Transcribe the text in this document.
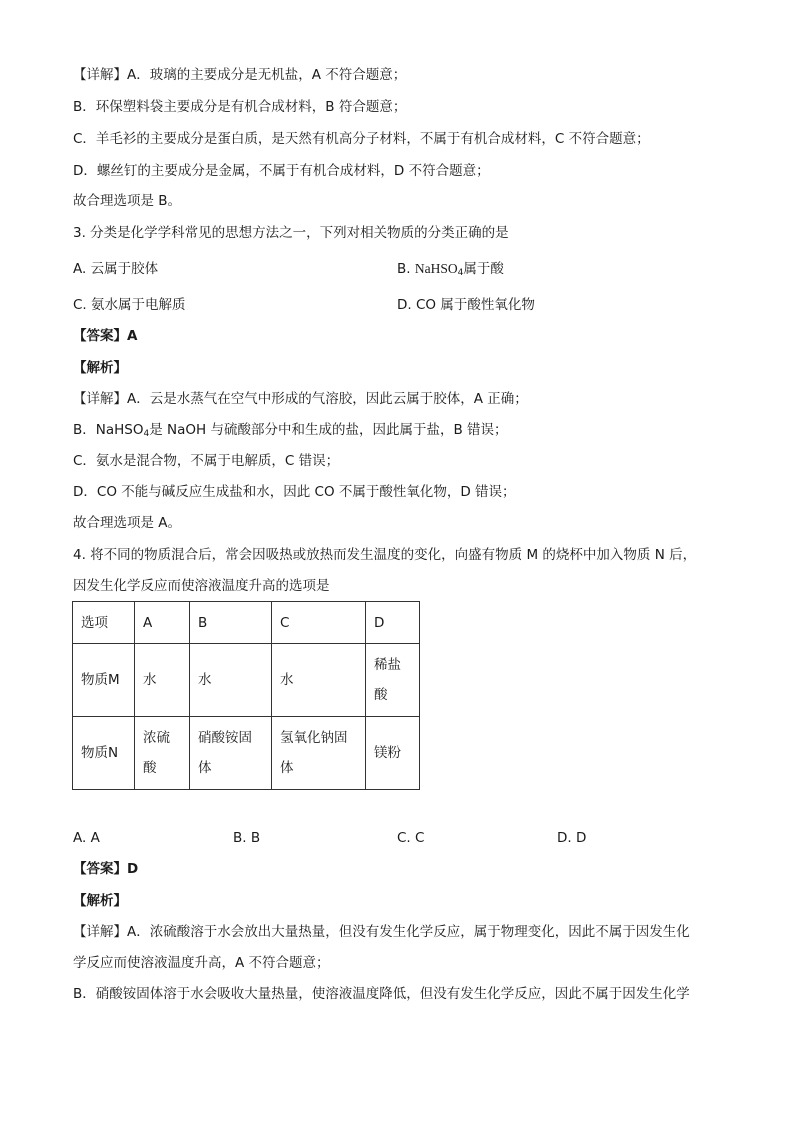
【详解】A．玻璃的主要成分是无机盐，A 不符合题意；
B．环保塑料袋主要成分是有机合成材料，B 符合题意；
C．羊毛衫的主要成分是蛋白质，是天然有机高分子材料，不属于有机合成材料，C 不符合题意；
D．螺丝钉的主要成分是金属，不属于有机合成材料，D 不符合题意；
故合理选项是 B。
3. 分类是化学学科常见的思想方法之一，下列对相关物质的分类正确的是
A. 云属于胶体	B. NaHSO$_4$属于酸
C. 氨水属于电解质	D. CO 属于酸性氧化物
【答案】A
【解析】
【详解】A．云是水蒸气在空气中形成的气溶胶，因此云属于胶体，A 正确；
B．NaHSO$_4$是 NaOH 与硫酸部分中和生成的盐，因此属于盐，B 错误；
C．氨水是混合物，不属于电解质，C 错误；
D．CO 不能与碱反应生成盐和水，因此 CO 不属于酸性氧化物，D 错误；
故合理选项是 A。
4. 将不同的物质混合后，常会因吸热或放热而发生温度的变化，向盛有物质 M 的烧杯中加入物质 N 后，
因发生化学反应而使溶液温度升高的选项是
选项	A	B	C	D
物质M	水	水	水	稀盐酸
物质N	浓硫酸	硝酸铵固体	氢氧化钠固体	镁粉
A. A	B. B	C. C	D. D
【答案】D
【解析】
【详解】A．浓硫酸溶于水会放出大量热量，但没有发生化学反应，属于物理变化，因此不属于因发生化
学反应而使溶液温度升高，A 不符合题意；
B．硝酸铵固体溶于水会吸收大量热量，使溶液温度降低，但没有发生化学反应，因此不属于因发生化学
